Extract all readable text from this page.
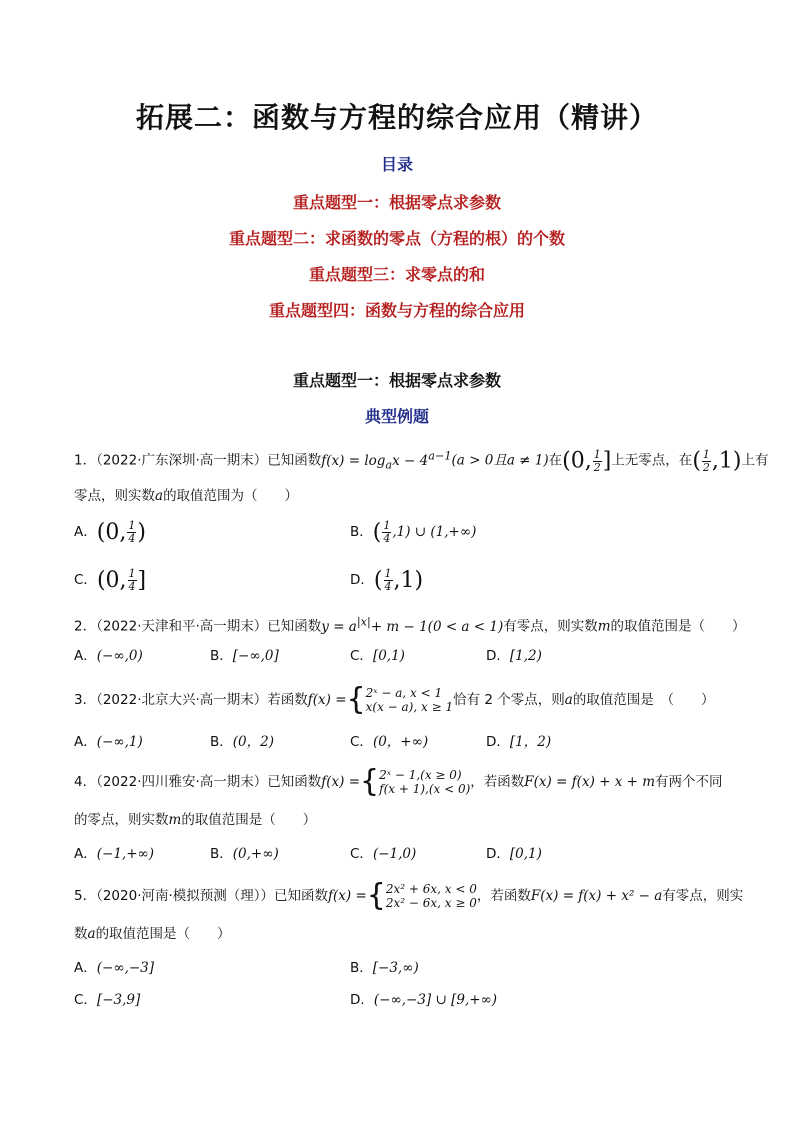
拓展二：函数与方程的综合应用（精讲）
目录
重点题型一：根据零点求参数
重点题型二：求函数的零点（方程的根）的个数
重点题型三：求零点的和
重点题型四：函数与方程的综合应用
重点题型一：根据零点求参数
典型例题
1．（2022·广东深圳·高一期末）已知函数$f(x) = \log_ax - 4^{a-1}(a > 0$且a ≠ 1)在(0, $\frac{1}{2}$ ]上无零点，在( $\frac{1}{2} ,1$)上有
零点，则实数a的取值范围为（　　）
A．(0, $\frac{1}{4}$ )	B．( $\frac{1}{4} ,1$) ∪ (1,+∞)
C．(0, $\frac{1}{4}$ ]	D．( $\frac{1}{4} ,1$)
2．（2022·天津和平·高一期末）已知函数$y = a^{|x|}+ m - 1(0 < a < 1)$有零点，则实数m的取值范围是（　　）
A．(−∞,0)	B．[−∞,0]	C．[0,1)	D．[1,2)
3．（2022·北京大兴·高一期末）若函数f(x) ={ 2ˣ − a, x < 1
x(x − a), x ≥ 1 恰有 2 个零点，则a的取值范围是　（　　）
A．(−∞,1)	B．(0，2)	C．(0，+∞)	D．[1，2)
4．（2022·四川雅安·高一期末）已知函数f(x) ={ 2ˣ − 1,(x ≥ 0)
f(x + 1),(x < 0) ，若函数F(x) = f(x) + x + m有两个不同
的零点，则实数m的取值范围是（　　）
A．(−1,+∞)	B．(0,+∞)	C．(−1,0)	D．[0,1)
5．（2020·河南·模拟预测（理））已知函数f(x) ={ 2x² + 6x, x < 0
2x² − 6x, x ≥ 0 ，若函数F(x) = f(x) + x² − a有零点，则实
数a的取值范围是（　　）
A．(−∞,−3]	B．[−3,∞)
C．[−3,9]	D．(−∞,−3] ∪ [9,+∞)
